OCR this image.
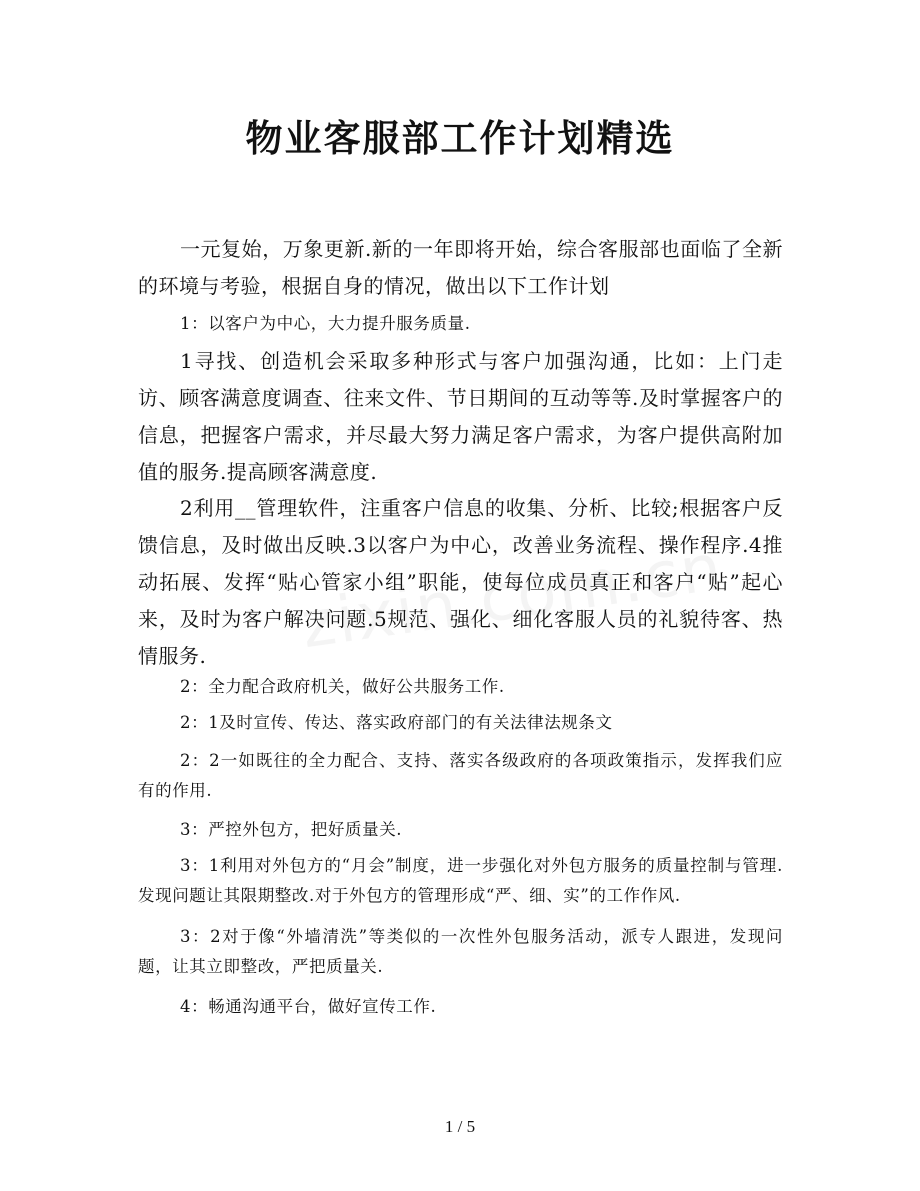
物业客服部工作计划精选

一元复始，万象更新.新的一年即将开始，综合客服部也面临了全新的环境与考验，根据自身的情况，做出以下工作计划

1：以客户为中心，大力提升服务质量.

1寻找、创造机会采取多种形式与客户加强沟通，比如：上门走访、顾客满意度调查、往来文件、节日期间的互动等等.及时掌握客户的信息，把握客户需求，并尽最大努力满足客户需求，为客户提供高附加值的服务.提高顾客满意度.

2利用__管理软件，注重客户信息的收集、分析、比较;根据客户反馈信息，及时做出反映.3以客户为中心，改善业务流程、操作程序.4推动拓展、发挥“贴心管家小组”职能，使每位成员真正和客户“贴”起心来，及时为客户解决问题.5规范、强化、细化客服人员的礼貌待客、热情服务.

2：全力配合政府机关，做好公共服务工作.

2：1及时宣传、传达、落实政府部门的有关法律法规条文

2：2一如既往的全力配合、支持、落实各级政府的各项政策指示，发挥我们应有的作用.

3：严控外包方，把好质量关.

3：1利用对外包方的“月会”制度，进一步强化对外包方服务的质量控制与管理.发现问题让其限期整改.对于外包方的管理形成“严、细、实”的工作作风.

3：2对于像“外墙清洗”等类似的一次性外包服务活动，派专人跟进，发现问题，让其立即整改，严把质量关.

4：畅通沟通平台，做好宣传工作.

1 / 5
